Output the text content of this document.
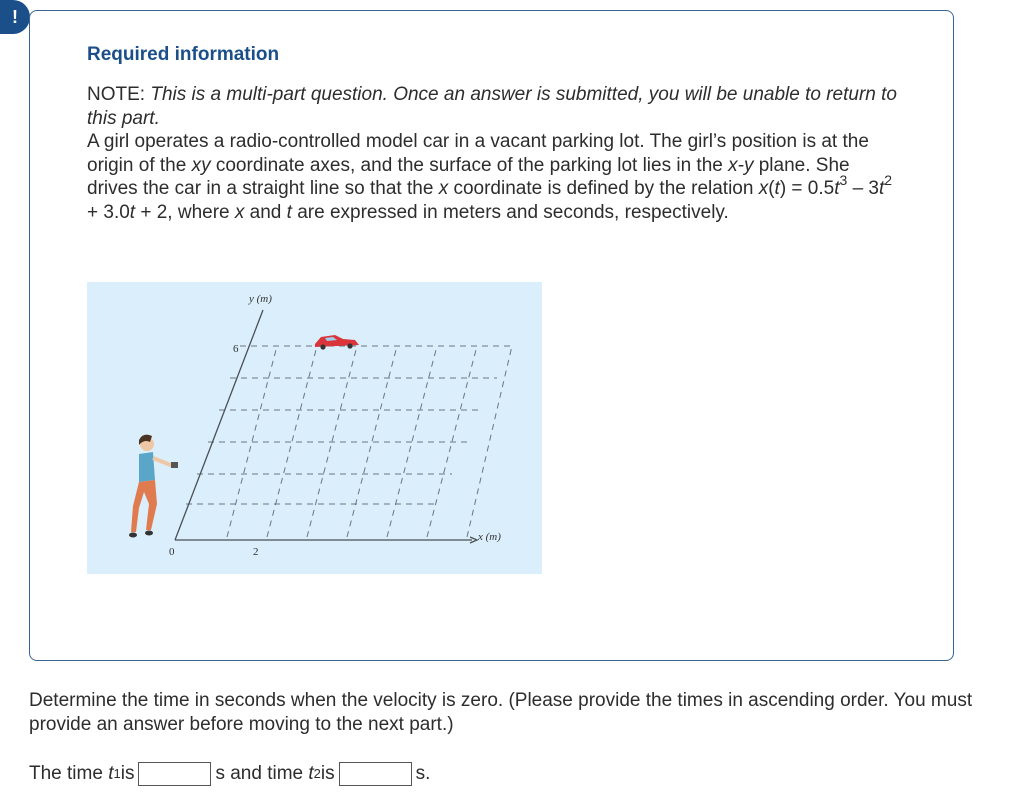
!
Required information
NOTE: This is a multi-part question. Once an answer is submitted, you will be unable to return to this part.
A girl operates a radio-controlled model car in a vacant parking lot. The girl’s position is at the origin of the xy coordinate axes, and the surface of the parking lot lies in the x-y plane. She drives the car in a straight line so that the x coordinate is defined by the relation $x(t) = 0.5t^3 - 3t^2 + 3.0t + 2$, where x and t are expressed in meters and seconds, respectively.
y (m)
x (m)
6
0	2
Determine the time in seconds when the velocity is zero. (Please provide the times in ascending order. You must provide an answer before moving to the next part.)
The time
t 1 is	s and time
t 2 is	s.
